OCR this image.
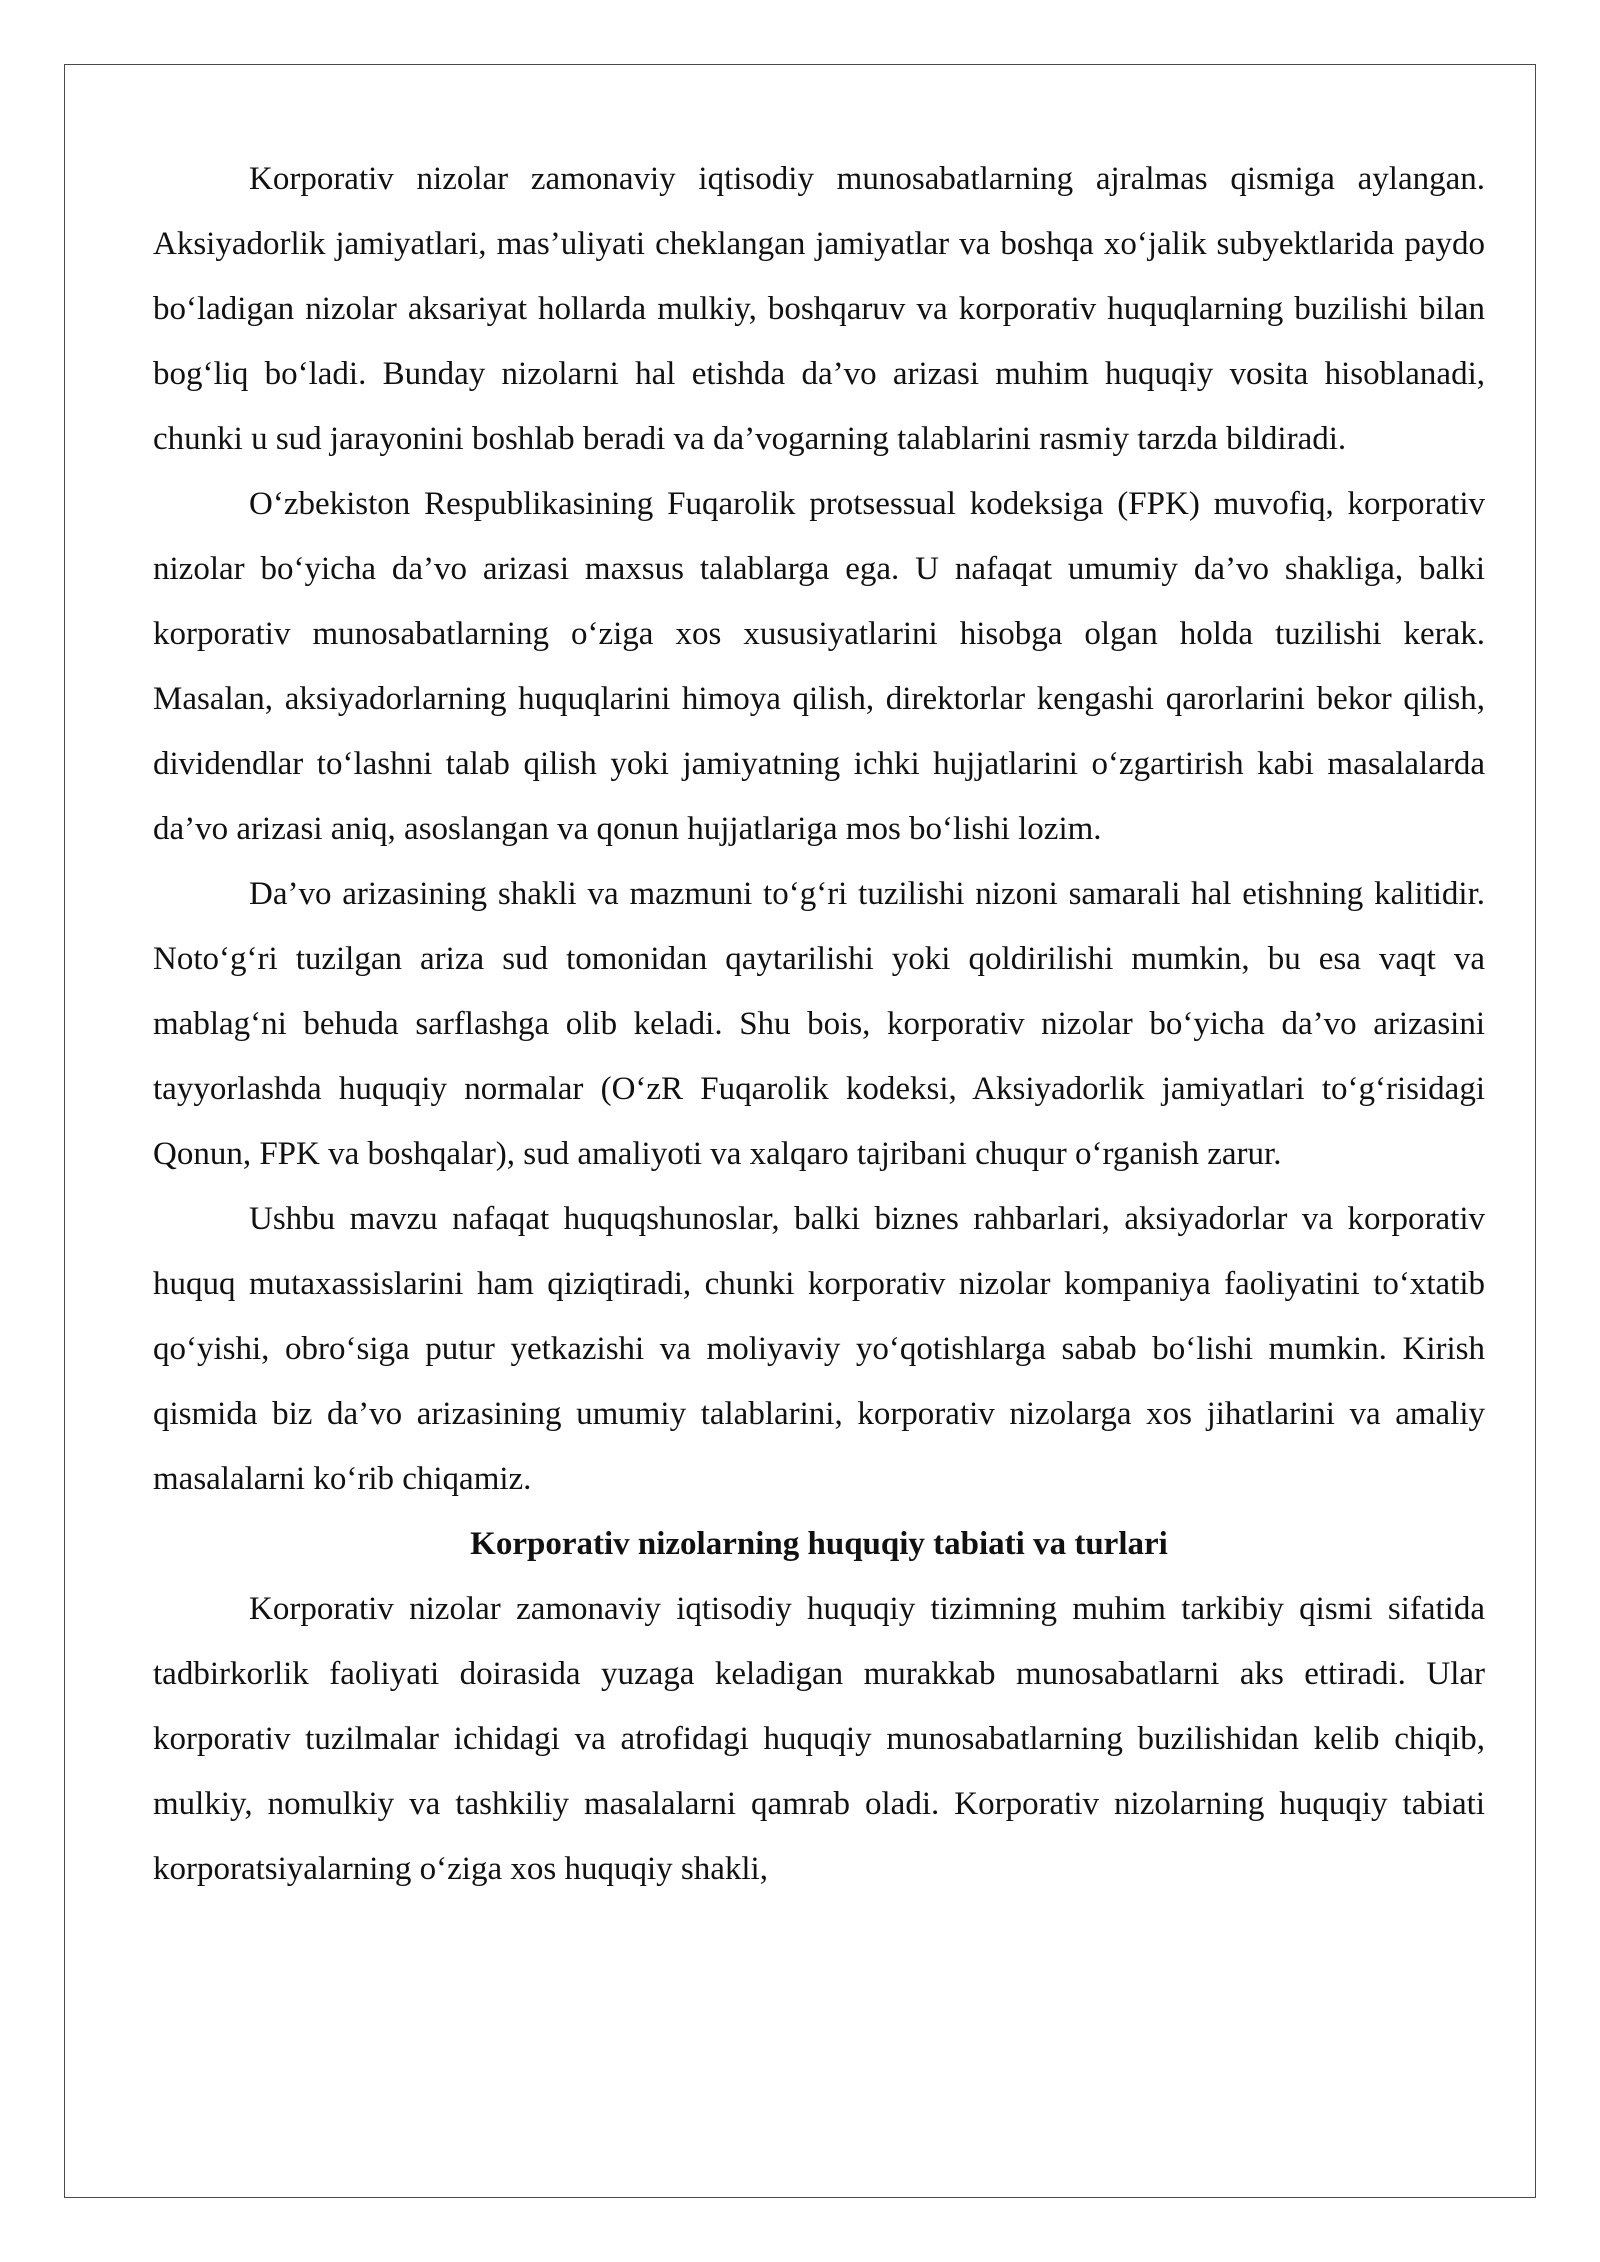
Korporativ nizolar zamonaviy iqtisodiy munosabatlarning ajralmas qismiga aylangan. Aksiyadorlik jamiyatlari, mas’uliyati cheklangan jamiyatlar va boshqa xo‘jalik subyektlarida paydo bo‘ladigan nizolar aksariyat hollarda mulkiy, boshqaruv va korporativ huquqlarning buzilishi bilan bog‘liq bo‘ladi. Bunday nizolarni hal etishda da’vo arizasi muhim huquqiy vosita hisoblanadi, chunki u sud jarayonini boshlab beradi va da’vogarning talablarini rasmiy tarzda bildiradi.

O‘zbekiston Respublikasining Fuqarolik protsessual kodeksiga (FPK) muvofiq, korporativ nizolar bo‘yicha da’vo arizasi maxsus talablarga ega. U nafaqat umumiy da’vo shakliga, balki korporativ munosabatlarning o‘ziga xos xususiyatlarini hisobga olgan holda tuzilishi kerak. Masalan, aksiyadorlarning huquqlarini himoya qilish, direktorlar kengashi qarorlarini bekor qilish, dividendlar to‘lashni talab qilish yoki jamiyatning ichki hujjatlarini o‘zgartirish kabi masalalarda da’vo arizasi aniq, asoslangan va qonun hujjatlariga mos bo‘lishi lozim.

Da’vo arizasining shakli va mazmuni to‘g‘ri tuzilishi nizoni samarali hal etishning kalitidir. Noto‘g‘ri tuzilgan ariza sud tomonidan qaytarilishi yoki qoldirilishi mumkin, bu esa vaqt va mablag‘ni behuda sarflashga olib keladi. Shu bois, korporativ nizolar bo‘yicha da’vo arizasini tayyorlashda huquqiy normalar (O‘zR Fuqarolik kodeksi, Aksiyadorlik jamiyatlari to‘g‘risidagi Qonun, FPK va boshqalar), sud amaliyoti va xalqaro tajribani chuqur o‘rganish zarur.

Ushbu mavzu nafaqat huquqshunoslar, balki biznes rahbarlari, aksiyadorlar va korporativ huquq mutaxassislarini ham qiziqtiradi, chunki korporativ nizolar kompaniya faoliyatini to‘xtatib qo‘yishi, obro‘siga putur yetkazishi va moliyaviy yo‘qotishlarga sabab bo‘lishi mumkin. Kirish qismida biz da’vo arizasining umumiy talablarini, korporativ nizolarga xos jihatlarini va amaliy masalalarni ko‘rib chiqamiz.

Korporativ nizolarning huquqiy tabiati va turlari

Korporativ nizolar zamonaviy iqtisodiy huquqiy tizimning muhim tarkibiy qismi sifatida tadbirkorlik faoliyati doirasida yuzaga keladigan murakkab munosabatlarni aks ettiradi. Ular korporativ tuzilmalar ichidagi va atrofidagi huquqiy munosabatlarning buzilishidan kelib chiqib, mulkiy, nomulkiy va tashkiliy masalalarni qamrab oladi. Korporativ nizolarning huquqiy tabiati korporatsiyalarning o‘ziga xos huquqiy shakli,
